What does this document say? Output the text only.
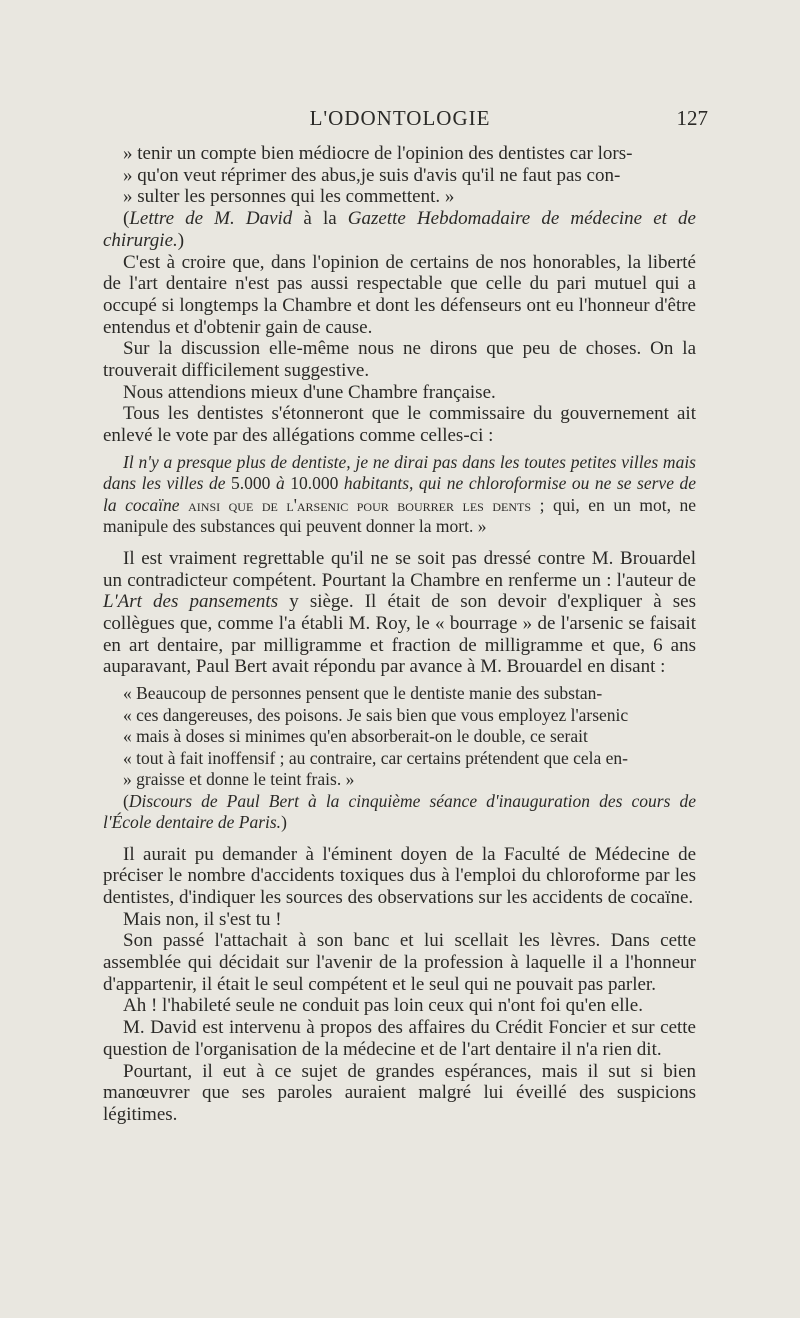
L'ODONTOLOGIE	127

» tenir un compte bien médiocre de l'opinion des dentistes car lors-

» qu'on veut réprimer des abus,je suis d'avis qu'il ne faut pas con-

» sulter les personnes qui les commettent. »

(Lettre de M. David à la Gazette Hebdomadaire de médecine et de chirurgie.)

C'est à croire que, dans l'opinion de certains de nos honorables, la liberté de l'art dentaire n'est pas aussi respectable que celle du pari mutuel qui a occupé si longtemps la Chambre et dont les défenseurs ont eu l'honneur d'être entendus et d'obtenir gain de cause.

Sur la discussion elle-même nous ne dirons que peu de choses. On la trouverait difficilement suggestive.

Nous attendions mieux d'une Chambre française.

Tous les dentistes s'étonneront que le commissaire du gouvernement ait enlevé le vote par des allégations comme celles-ci :

Il n'y a presque plus de dentiste, je ne dirai pas dans les toutes petites villes mais dans les villes de 5.000 à 10.000 habitants, qui ne chloroformise ou ne se serve de la cocaïne ainsi que de l'arsenic pour bourrer les dents ; qui, en un mot, ne manipule des substances qui peuvent donner la mort. »

Il est vraiment regrettable qu'il ne se soit pas dressé contre M. Brouardel un contradicteur compétent. Pourtant la Chambre en renferme un : l'auteur de L'Art des pansements y siège. Il était de son devoir d'expliquer à ses collègues que, comme l'a établi M. Roy, le « bourrage » de l'arsenic se faisait en art dentaire, par milligramme et fraction de milligramme et que, 6 ans auparavant, Paul Bert avait répondu par avance à M. Brouardel en disant :

« Beaucoup de personnes pensent que le dentiste manie des substan-

« ces dangereuses, des poisons. Je sais bien que vous employez l'arsenic

« mais à doses si minimes qu'en absorberait-on le double, ce serait

« tout à fait inoffensif ; au contraire, car certains prétendent que cela en-

» graisse et donne le teint frais. »

(Discours de Paul Bert à la cinquième séance d'inauguration des cours de l'École dentaire de Paris.)

Il aurait pu demander à l'éminent doyen de la Faculté de Médecine de préciser le nombre d'accidents toxiques dus à l'emploi du chloroforme par les dentistes, d'indiquer les sources des observations sur les accidents de cocaïne.

Mais non, il s'est tu !

Son passé l'attachait à son banc et lui scellait les lèvres. Dans cette assemblée qui décidait sur l'avenir de la profession à laquelle il a l'honneur d'appartenir, il était le seul compétent et le seul qui ne pouvait pas parler.

Ah ! l'habileté seule ne conduit pas loin ceux qui n'ont foi qu'en elle.

M. David est intervenu à propos des affaires du Crédit Foncier et sur cette question de l'organisation de la médecine et de l'art dentaire il n'a rien dit.

Pourtant, il eut à ce sujet de grandes espérances, mais il sut si bien manœuvrer que ses paroles auraient malgré lui éveillé des suspicions légitimes.
